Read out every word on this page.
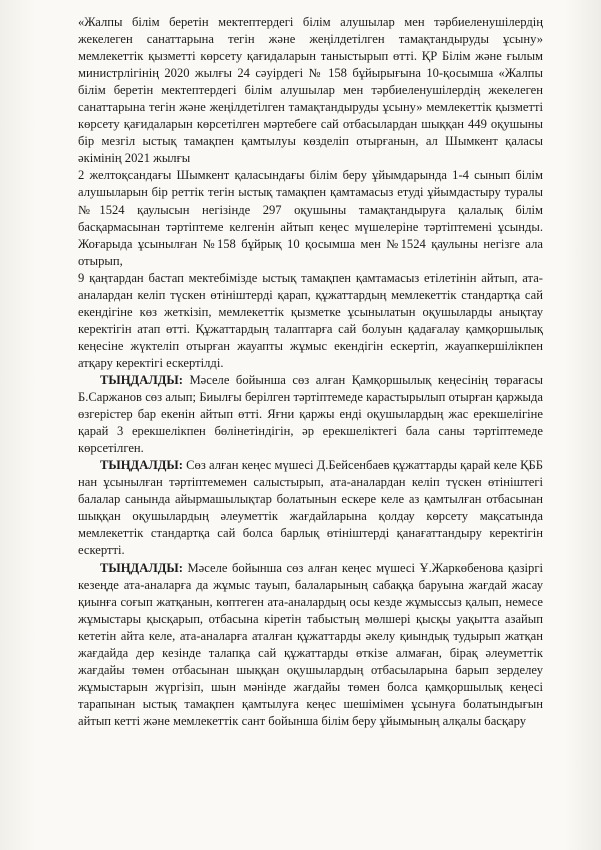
«Жалпы білім беретін мектептердегі білім алушылар мен тәрбиеленушілердің жекелеген санаттарына тегін және жеңілдетілген тамақтандыруды ұсыну» мемлекеттік қызметті көрсету қағидаларын таныстырып өтті. ҚР Білім және ғылым министрлігінің 2020 жылғы 24 сәуірдегі № 158 бұйырығына 10-қосымша «Жалпы білім беретін мектептердегі білім алушылар мен тәрбиеленушілердің жекелеген санаттарына тегін және жеңілдетілген тамақтандыруды ұсыну» мемлекеттік қызметті көрсету қағидаларын көрсетілген мәртебеге сай отбасылардан шыққан 449 оқушыны бір мезгіл ыстық тамақпен қамтылуы көзделіп отырғанын, ал Шымкент қаласы әкімінің 2021 жылғы

2 желтоқсандағы Шымкент қаласындағы білім беру ұйымдарында 1-4 сынып білім алушыларын бір реттік тегін ыстық тамақпен қамтамасыз етуді ұйымдастыру туралы №1524 қаулысын негізінде 297 оқушыны тамақтандыруға қалалық білім басқармасынан тәртіптеме келгенін айтып кеңес мүшелеріне тәртіптемені ұсынды. Жоғарыда ұсынылған №158 бұйрық 10 қосымша мен №1524 қаулыны негізге ала отырып,

9 қаңтардан бастап мектебімізде ыстық тамақпен қамтамасыз етілетінін айтып, ата-аналардан келіп түскен өтініштерді қарап, құжаттардың мемлекеттік стандартқа сай екендігіне көз жеткізіп, мемлекеттік қызметке ұсынылатын оқушыларды анықтау керектігін атап өтті. Құжаттардың талаптарға сай болуын қадағалау қамқоршылық кеңесіне жүктеліп отырған жауапты жұмыс екендігін ескертіп, жауапкершілікпен атқару керектігі ескертілді.

ТЫҢДАЛДЫ: Мәселе бойынша сөз алған Қамқоршылық кеңесінің төрағасы Б.Саржанов сөз алып; Биылғы берілген тәртіптемеде карастырылып отырған қаржыда өзгерістер бар екенін айтып өтті. Яғни қаржы енді оқушылардың жас ерекшелігіне қарай 3 ерекшелікпен бөлінетіндігін, әр ерекшеліктегі бала саны тәртіптемеде көрсетілген.

ТЫҢДАЛДЫ: Сөз алған кеңес мүшесі Д.Бейсенбаев құжаттарды қарай келе ҚББ нан ұсынылған тәртіптемемен салыстырып, ата-аналардан келіп түскен өтініштегі балалар санында айырмашылықтар болатынын ескере келе аз қамтылған отбасынан шыққан оқушылардың әлеуметтік жағдайларына қолдау көрсету мақсатында мемлекеттік стандартқа сай болса барлық өтініштерді қанағаттандыру керектігін ескертті.

ТЫҢДАЛДЫ: Мәселе бойынша сөз алған кеңес мүшесі Ұ.Жаркөбенова қазіргі кезеңде ата-аналарға да жұмыс тауып, балаларының сабаққа баруына жағдай жасау қиынға соғып жатқанын, көптеген ата-аналардың осы кезде жұмыссыз қалып, немесе жұмыстары қысқарып, отбасына кіретін табыстың мөлшері қысқы уақытта азайып кететін айта келе, ата-аналарға аталған құжаттарды әкелу қиындық тудырып жатқан жағдайда дер кезінде талапқа сай құжаттарды өткізе алмаған, бірақ әлеуметтік жағдайы төмен отбасынан шыққан оқушылардың отбасыларына барып зерделеу жұмыстарын жүргізіп, шын мәнінде жағдайы төмен болса қамқоршылық кеңесі тарапынан ыстық тамақпен қамтылуға кеңес шешімімен ұсынуға болатындығын айтып кетті және мемлекеттік сант бойынша білім беру ұйымының алқалы басқару
